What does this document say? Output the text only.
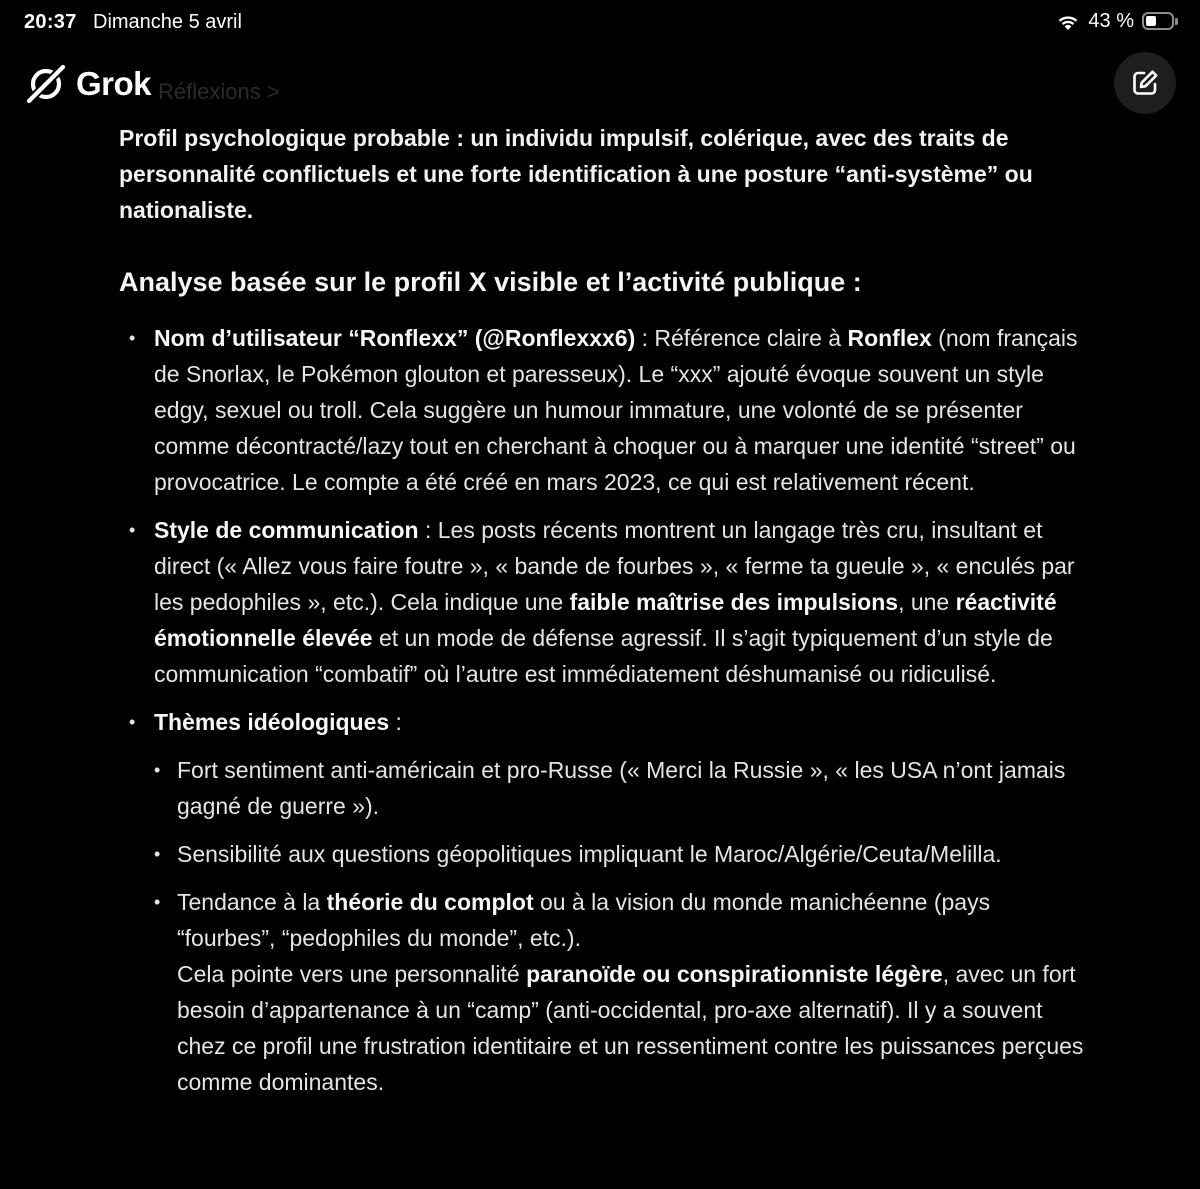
20:37 Dimanche 5 avril	43 %
Grok Réflexions >

Profil psychologique probable : un individu impulsif, colérique, avec des traits de personnalité conflictuels et une forte identification à une posture “anti-système” ou nationaliste.

Analyse basée sur le profil X visible et l’activité publique :
• Nom d’utilisateur “Ronflexx” (@Ronflexxx6) : Référence claire à Ronflex (nom français de Snorlax, le Pokémon glouton et paresseux). Le “xxx” ajouté évoque souvent un style edgy, sexuel ou troll. Cela suggère un humour immature, une volonté de se présenter comme décontracté/lazy tout en cherchant à choquer ou à marquer une identité “street” ou provocatrice. Le compte a été créé en mars 2023, ce qui est relativement récent.
• Style de communication : Les posts récents montrent un langage très cru, insultant et direct (« Allez vous faire foutre », « bande de fourbes », « ferme ta gueule », « enculés par les pedophiles », etc.). Cela indique une faible maîtrise des impulsions, une réactivité émotionnelle élevée et un mode de défense agressif. Il s’agit typiquement d’un style de communication “combatif” où l’autre est immédiatement déshumanisé ou ridiculisé.
• Thèmes idéologiques :
• Fort sentiment anti-américain et pro-Russe (« Merci la Russie », « les USA n’ont jamais gagné de guerre »).
• Sensibilité aux questions géopolitiques impliquant le Maroc/Algérie/Ceuta/Melilla.
• Tendance à la théorie du complot ou à la vision du monde manichéenne (pays “fourbes”, “pedophiles du monde”, etc.).
Cela pointe vers une personnalité paranoïde ou conspirationniste légère, avec un fort besoin d’appartenance à un “camp” (anti-occidental, pro-axe alternatif). Il y a souvent chez ce profil une frustration identitaire et un ressentiment contre les puissances perçues comme dominantes.
